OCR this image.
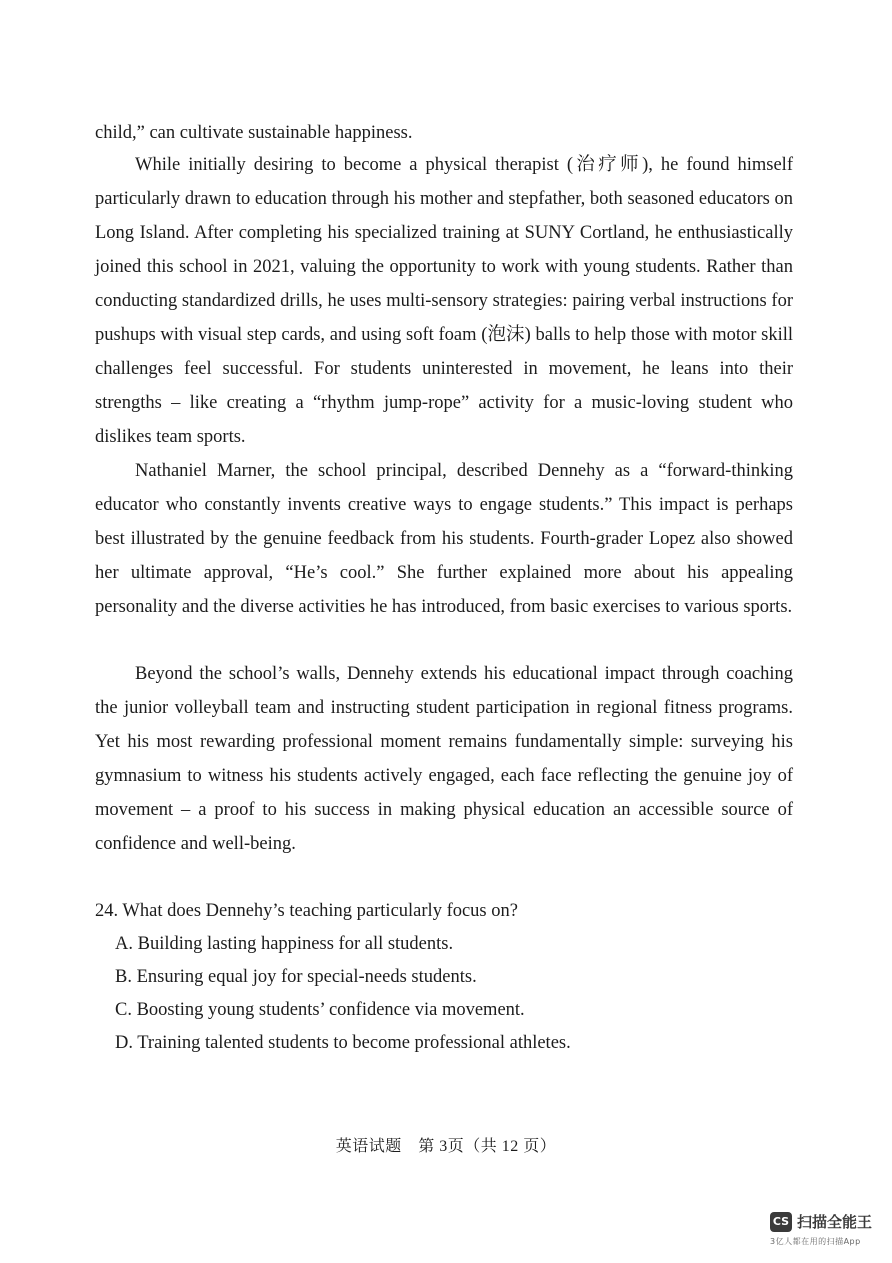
child,” can cultivate sustainable happiness.

While initially desiring to become a physical therapist (治疗师), he found himself particularly drawn to education through his mother and stepfather, both seasoned educators on Long Island. After completing his specialized training at SUNY Cortland, he enthusiastically joined this school in 2021, valuing the opportunity to work with young students. Rather than conducting standardized drills, he uses multi-sensory strategies: pairing verbal instructions for pushups with visual step cards, and using soft foam (泡沫) balls to help those with motor skill challenges feel successful. For students uninterested in movement, he leans into their strengths – like creating a “rhythm jump-rope” activity for a music-loving student who dislikes team sports.

Nathaniel Marner, the school principal, described Dennehy as a “forward-thinking educator who constantly invents creative ways to engage students.” This impact is perhaps best illustrated by the genuine feedback from his students. Fourth-grader Lopez also showed her ultimate approval, “He’s cool.” She further explained more about his appealing personality and the diverse activities he has introduced, from basic exercises to various sports.

Beyond the school’s walls, Dennehy extends his educational impact through coaching the junior volleyball team and instructing student participation in regional fitness programs. Yet his most rewarding professional moment remains fundamentally simple: surveying his gymnasium to witness his students actively engaged, each face reflecting the genuine joy of movement – a proof to his success in making physical education an accessible source of confidence and well-being.

24. What does Dennehy’s teaching particularly focus on?

A. Building lasting happiness for all students.

B. Ensuring equal joy for special-needs students.

C. Boosting young students’ confidence via movement.

D. Training talented students to become professional athletes.

英语试题 第 3页（共 12 页）
CS 扫描全能王
3亿人都在用的扫描App
